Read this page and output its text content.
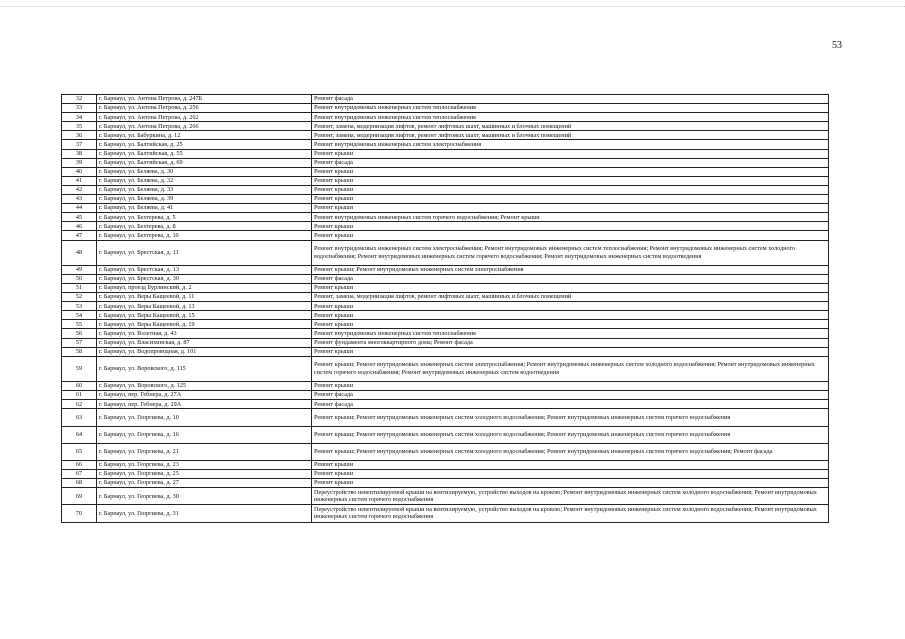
53
32	г. Барнаул, ул. Антона Петрова, д. 247Б	Ремонт фасада
33	г. Барнаул, ул. Антона Петрова, д. 256	Ремонт внутридомовых инженерных систем теплоснабжения
34	г. Барнаул, ул. Антона Петрова, д. 262	Ремонт внутридомовых инженерных систем теплоснабжения
35	г. Барнаул, ул. Антона Петрова, д. 266	Ремонт, замена, модернизация лифтов, ремонт лифтовых шахт, машинных и блочных помещений
36	г. Барнаул, ул. Бабуркина, д. 12	Ремонт, замена, модернизация лифтов, ремонт лифтовых шахт, машинных и блочных помещений
37	г. Барнаул, ул. Балтийская, д. 25	Ремонт внутридомовых инженерных систем электроснабжения
38	г. Барнаул, ул. Балтийская, д. 55	Ремонт крыши
39	г. Барнаул, ул. Балтийская, д. 69	Ремонт фасада
40	г. Барнаул, ул. Беляева, д. 30	Ремонт крыши
41	г. Барнаул, ул. Беляева, д. 32	Ремонт крыши
42	г. Барнаул, ул. Беляева, д. 33	Ремонт крыши
43	г. Барнаул, ул. Беляева, д. 39	Ремонт крыши
44	г. Барнаул, ул. Беляева, д. 41	Ремонт крыши
45	г. Барнаул, ул. Бехтерева, д. 5	Ремонт внутридомовых инженерных систем горячего водоснабжения; Ремонт крыши
46	г. Барнаул, ул. Бехтерева, д. 8	Ремонт крыши
47	г. Барнаул, ул. Бехтерева, д. 10	Ремонт крыши
48	г. Барнаул, ул. Брестская, д. 11	Ремонт внутридомовых инженерных систем электроснабжения; Ремонт внутридомовых инженерных систем теплоснабжения; Ремонт внутридомовых инженерных систем холодного водоснабжения; Ремонт внутридомовых инженерных систем горячего водоснабжения; Ремонт внутридомовых инженерных систем водоотведения
49	г. Барнаул, ул. Брестская, д. 13	Ремонт крыши; Ремонт внутридомовых инженерных систем электроснабжения
50	г. Барнаул, ул. Брестская, д. 30	Ремонт фасада
51	г. Барнаул, проезд Бурлинский, д. 2	Ремонт крыши
52	г. Барнаул, ул. Веры Кащеевой, д. 11	Ремонт, замена, модернизация лифтов, ремонт лифтовых шахт, машинных и блочных помещений
53	г. Барнаул, ул. Веры Кащеевой, д. 13	Ремонт крыши
54	г. Барнаул, ул. Веры Кащеевой, д. 15	Ремонт крыши
55	г. Барнаул, ул. Веры Кащеевой, д. 19	Ремонт крыши
56	г. Барнаул, ул. Взлетная, д. 43	Ремонт внутридомовых инженерных систем теплоснабжения
57	г. Барнаул, ул. Власихинская, д. 87	Ремонт фундамента многоквартирного дома; Ремонт фасада
58	г. Барнаул, ул. Водопроводная, д. 101	Ремонт крыши
59	г. Барнаул, ул. Воровского, д. 115	Ремонт крыши; Ремонт внутридомовых инженерных систем электроснабжения; Ремонт внутридомовых инженерных систем холодного водоснабжения; Ремонт внутридомовых инженерных систем горячего водоснабжения; Ремонт внутридомовых инженерных систем водоотведения
60	г. Барнаул, ул. Воровского, д. 125	Ремонт крыши
61	г. Барнаул, пер. Гебнера, д. 27А	Ремонт фасада
62	г. Барнаул, пер. Гебнера, д. 29А	Ремонт фасада
63	г. Барнаул, ул. Георгиева, д. 10	Ремонт крыши; Ремонт внутридомовых инженерных систем холодного водоснабжения; Ремонт внутридомовых инженерных систем горячего водоснабжения
64	г. Барнаул, ул. Георгиева, д. 16	Ремонт крыши; Ремонт внутридомовых инженерных систем холодного водоснабжения; Ремонт внутридомовых инженерных систем горячего водоснабжения
65	г. Барнаул, ул. Георгиева, д. 21	Ремонт крыши; Ремонт внутридомовых инженерных систем холодного водоснабжения; Ремонт внутридомовых инженерных систем горячего водоснабжения; Ремонт фасада
66	г. Барнаул, ул. Георгиева, д. 23	Ремонт крыши
67	г. Барнаул, ул. Георгиева, д. 25	Ремонт крыши
68	г. Барнаул, ул. Георгиева, д. 27	Ремонт крыши
69	г. Барнаул, ул. Георгиева, д. 30	Переустройство невентилируемой крыши на вентилируемую, устройство выходов на кровлю; Ремонт внутридомовых инженерных систем холодного водоснабжения; Ремонт внутридомовых инженерных систем горячего водоснабжения
70	г. Барнаул, ул. Георгиева, д. 31	Переустройство невентилируемой крыши на вентилируемую, устройство выходов на кровлю; Ремонт внутридомовых инженерных систем холодного водоснабжения; Ремонт внутридомовых инженерных систем горячего водоснабжения
